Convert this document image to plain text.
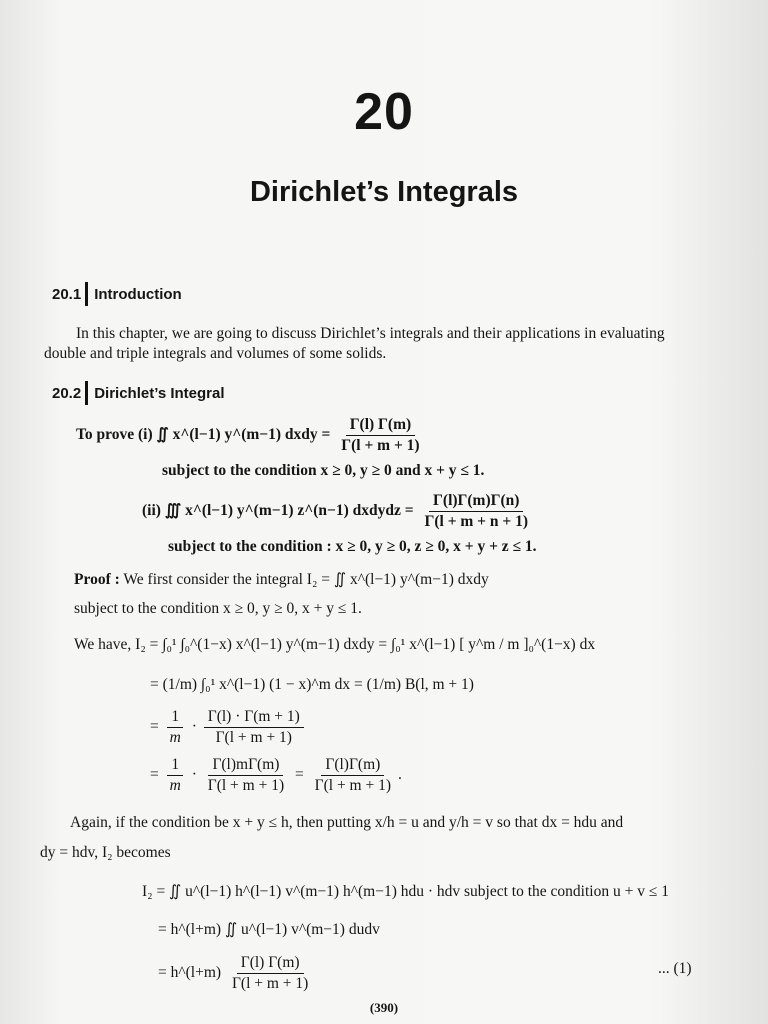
20
Dirichlet’s Integrals
20.1 Introduction
In this chapter, we are going to discuss Dirichlet’s integrals and their applications in evaluating double and triple integrals and volumes of some solids.
20.2 Dirichlet’s Integral
To prove (i) ∬ x^(l−1) y^(m−1) dxdy = $\frac{\Gamma(l) \Gamma(m)}{\Gamma(l + m + 1)}$
subject to the condition x ≥ 0, y ≥ 0 and x + y ≤ 1.
(ii) ∭ x^(l−1) y^(m−1) z^(n−1) dxdydz = $\frac{\Gamma(l)\Gamma(m)\Gamma(n)}{\Gamma(l + m + n + 1)}$
subject to the condition : x ≥ 0, y ≥ 0, z ≥ 0, x + y + z ≤ 1.
Proof : We first consider the integral I₂ = ∬ x^(l−1) y^(m−1) dxdy
subject to the condition x ≥ 0, y ≥ 0, x + y ≤ 1.
We have, I₂ = ∫₀¹ ∫₀^(1−x) x^(l−1) y^(m−1) dxdy = ∫₀¹ x^(l−1) [ y^m / m ]₀^(1−x) dx
= (1/m) ∫₀¹ x^(l−1) (1 − x)^m dx = (1/m) B(l, m + 1)
= $\frac{1}{m} \cdot \frac{\Gamma(l) \cdot \Gamma(m + 1)}{\Gamma(l + m + 1)}$
= $\frac{1}{m} \cdot \frac{\Gamma(l)m\Gamma(m)}{\Gamma(l + m + 1)} = \frac{\Gamma(l)\Gamma(m)}{\Gamma(l + m + 1)}$ .
Again, if the condition be x + y ≤ h, then putting x/h = u and y/h = v so that dx = hdu and
dy = hdv, I₂ becomes
I₂ = ∬ u^(l−1) h^(l−1) v^(m−1) h^(m−1) hdu · hdv subject to the condition u + v ≤ 1
= h^(l+m) ∬ u^(l−1) v^(m−1) dudv
= h^(l+m) $\frac{\Gamma(l) \Gamma(m)}{\Gamma(l + m + 1)}$	... (1)
(390)
